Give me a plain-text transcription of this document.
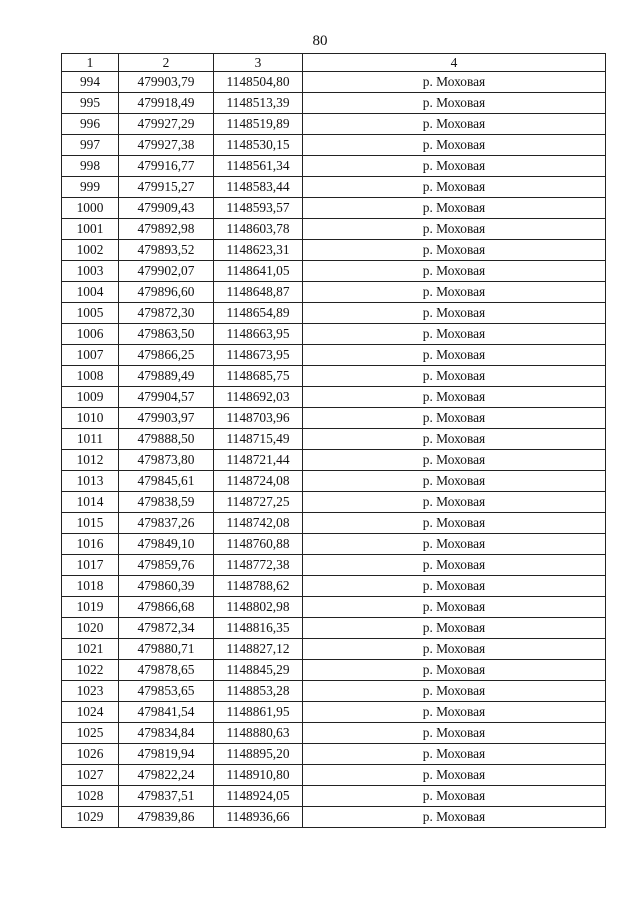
80
1	2	3	4
994	479903,79	1148504,80	р. Моховая
995	479918,49	1148513,39	р. Моховая
996	479927,29	1148519,89	р. Моховая
997	479927,38	1148530,15	р. Моховая
998	479916,77	1148561,34	р. Моховая
999	479915,27	1148583,44	р. Моховая
1000	479909,43	1148593,57	р. Моховая
1001	479892,98	1148603,78	р. Моховая
1002	479893,52	1148623,31	р. Моховая
1003	479902,07	1148641,05	р. Моховая
1004	479896,60	1148648,87	р. Моховая
1005	479872,30	1148654,89	р. Моховая
1006	479863,50	1148663,95	р. Моховая
1007	479866,25	1148673,95	р. Моховая
1008	479889,49	1148685,75	р. Моховая
1009	479904,57	1148692,03	р. Моховая
1010	479903,97	1148703,96	р. Моховая
1011	479888,50	1148715,49	р. Моховая
1012	479873,80	1148721,44	р. Моховая
1013	479845,61	1148724,08	р. Моховая
1014	479838,59	1148727,25	р. Моховая
1015	479837,26	1148742,08	р. Моховая
1016	479849,10	1148760,88	р. Моховая
1017	479859,76	1148772,38	р. Моховая
1018	479860,39	1148788,62	р. Моховая
1019	479866,68	1148802,98	р. Моховая
1020	479872,34	1148816,35	р. Моховая
1021	479880,71	1148827,12	р. Моховая
1022	479878,65	1148845,29	р. Моховая
1023	479853,65	1148853,28	р. Моховая
1024	479841,54	1148861,95	р. Моховая
1025	479834,84	1148880,63	р. Моховая
1026	479819,94	1148895,20	р. Моховая
1027	479822,24	1148910,80	р. Моховая
1028	479837,51	1148924,05	р. Моховая
1029	479839,86	1148936,66	р. Моховая
